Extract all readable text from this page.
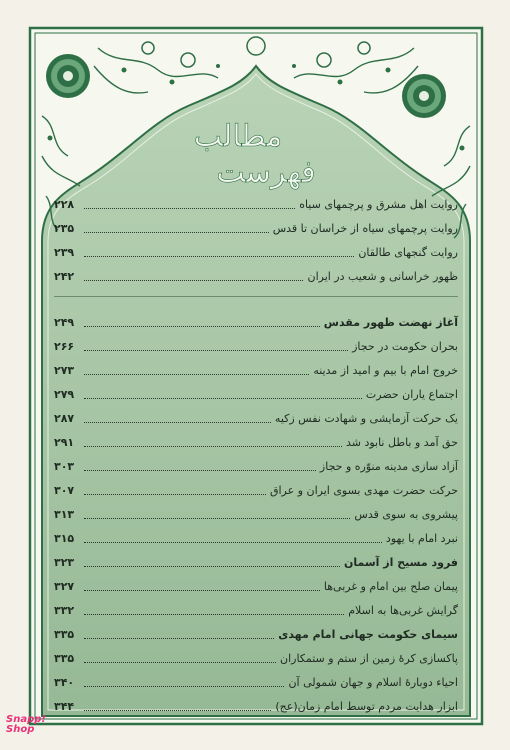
مطالب
فهرست
روایت اهل مشرق و پرچمهای سیاه
۲۲۸
روایت پرچمهای سیاه از خراسان تا قدس
۲۳۵
روایت گنجهای طالقان
۲۳۹
ظهور خراسانی و شعیب در ایران
۲۴۲
آغاز نهضت ظهور مقدس
۲۴۹
بحران حکومت در حجاز
۲۶۶
خروج امام با بیم و امید از مدینه
۲۷۳
اجتماع یاران حضرت
۲۷۹
یک حرکت آزمایشی و شهادت نفس زکیه
۲۸۷
حق آمد و باطل نابود شد
۲۹۱
آزاد سازی مدینه منوّره و حجاز
۳۰۳
حرکت حضرت مهدی بسوی ایران و عراق
۳۰۷
پیشروی به سوی قدس
۳۱۳
نبرد امام با یهود
۳۱۵
فرود مسیح از آسمان
۳۲۳
پیمان صلح بین امام و غربی‌ها
۳۲۷
گرایش غربی‌ها به اسلام
۳۳۲
سیمای حکومت جهانی امام مهدی
۳۳۵
پاکسازی کرهٔ زمین از ستم و ستمکاران
۳۳۵
احیاء دوبارهٔ اسلام و جهان شمولی آن
۳۴۰
ابزار هدایت مردم توسط امام زمان(عج)
۳۴۴
Snapp!
Shop
